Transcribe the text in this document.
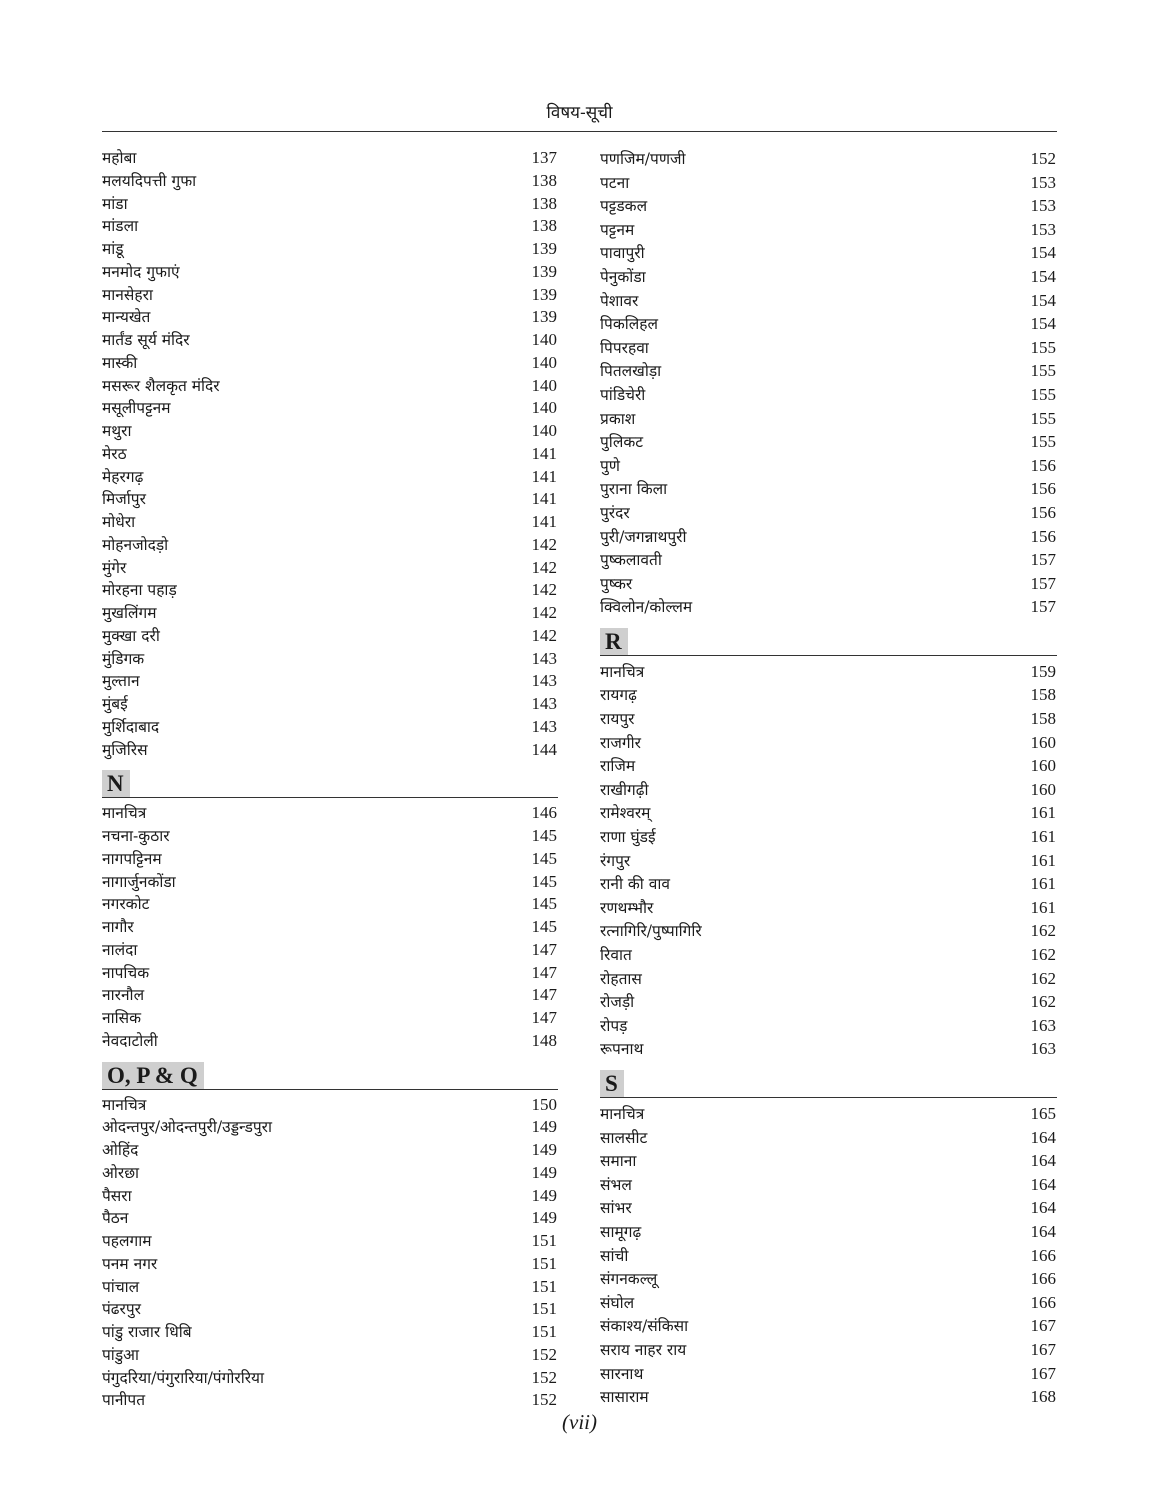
विषय-सूची
महोबा	137
मलयदिपत्ती गुफा	138
मांडा	138
मांडला	138
मांडू	139
मनमोद गुफाएं	139
मानसेहरा	139
मान्यखेत	139
मार्तंड सूर्य मंदिर	140
मास्की	140
मसरूर शैलकृत मंदिर	140
मसूलीपट्टनम	140
मथुरा	140
मेरठ	141
मेहरगढ़	141
मिर्जापुर	141
मोधेरा	141
मोहनजोदड़ो	142
मुंगेर	142
मोरहना पहाड़	142
मुखलिंगम	142
मुक्खा दरी	142
मुंडिगक	143
मुल्तान	143
मुंबई	143
मुर्शिदाबाद	143
मुजिरिस	144
N
मानचित्र	146
नचना-कुठार	145
नागपट्टिनम	145
नागार्जुनकोंडा	145
नगरकोट	145
नागौर	145
नालंदा	147
नापचिक	147
नारनौल	147
नासिक	147
नेवदाटोली	148
O, P & Q
मानचित्र	150
ओदन्तपुर/ओदन्तपुरी/उड्डन्डपुरा	149
ओहिंद	149
ओरछा	149
पैसरा	149
पैठन	149
पहलगाम	151
पनम नगर	151
पांचाल	151
पंढरपुर	151
पांडु राजार धिबि	151
पांडुआ	152
पंगुदरिया/पंगुरारिया/पंगोररिया	152
पानीपत	152
पणजिम/पणजी	152
पटना	153
पट्टडकल	153
पट्टनम	153
पावापुरी	154
पेनुकोंडा	154
पेशावर	154
पिकलिहल	154
पिपरहवा	155
पितलखोड़ा	155
पांडिचेरी	155
प्रकाश	155
पुलिकट	155
पुणे	156
पुराना किला	156
पुरंदर	156
पुरी/जगन्नाथपुरी	156
पुष्कलावती	157
पुष्कर	157
क्विलोन/कोल्लम	157
R
मानचित्र	159
रायगढ़	158
रायपुर	158
राजगीर	160
राजिम	160
राखीगढ़ी	160
रामेश्वरम्	161
राणा घुंडई	161
रंगपुर	161
रानी की वाव	161
रणथम्भौर	161
रत्नागिरि/पुष्पागिरि	162
रिवात	162
रोहतास	162
रोजड़ी	162
रोपड़	163
रूपनाथ	163
S
मानचित्र	165
सालसीट	164
समाना	164
संभल	164
सांभर	164
सामूगढ़	164
सांची	166
संगनकल्लू	166
संघोल	166
संकाश्य/संकिसा	167
सराय नाहर राय	167
सारनाथ	167
सासाराम	168
(vii)
